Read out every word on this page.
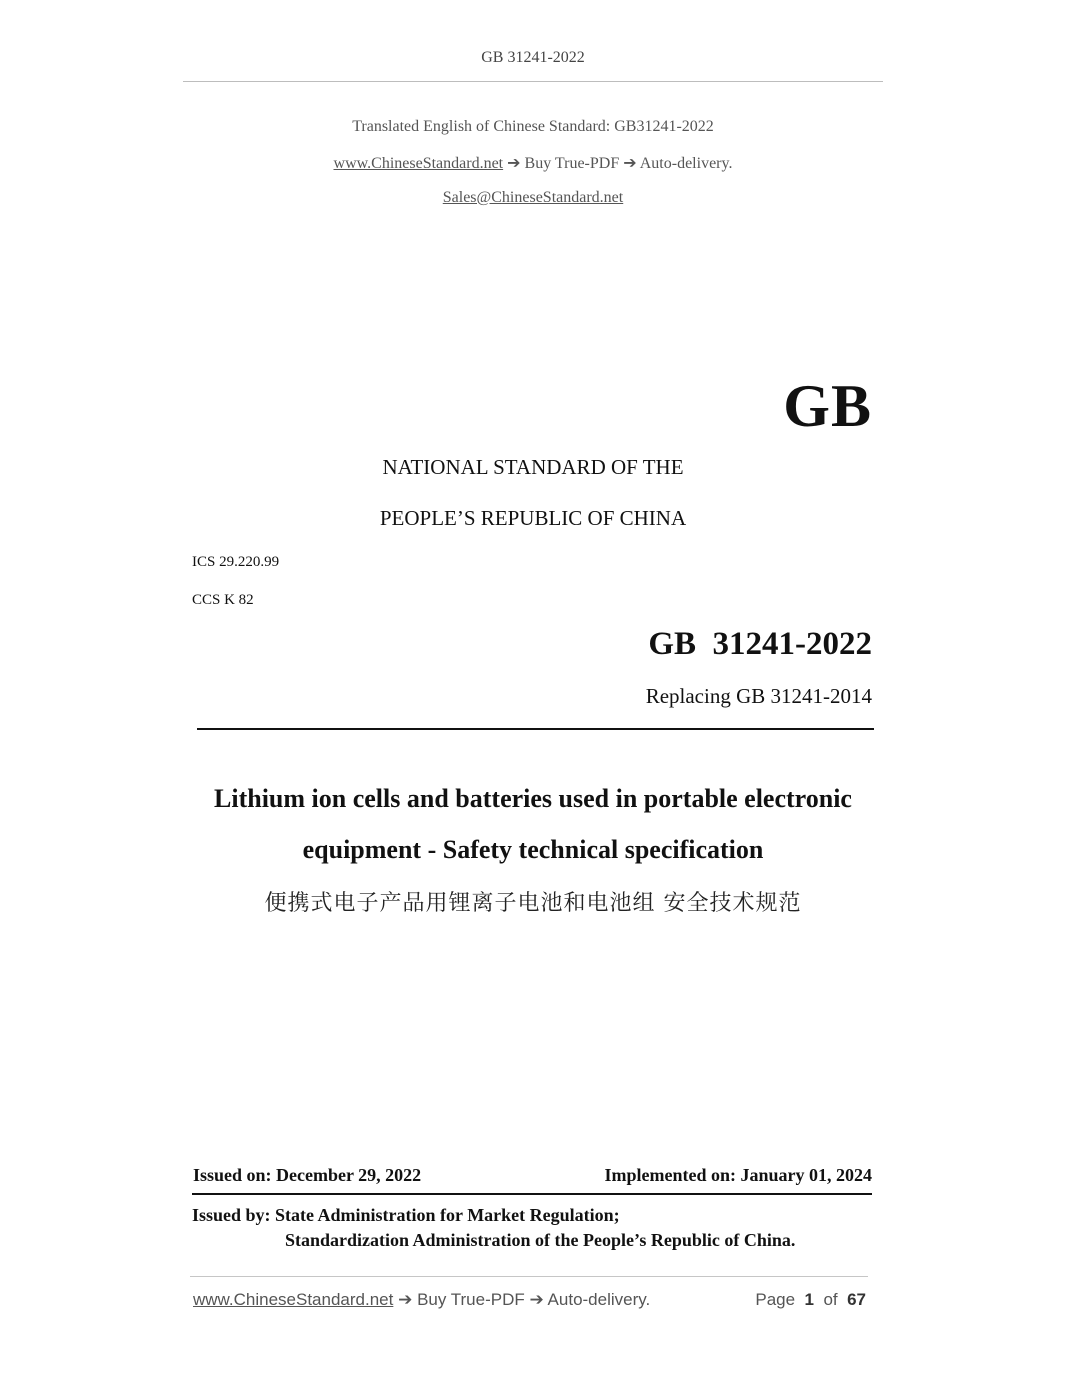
GB 31241-2022
Translated English of Chinese Standard: GB31241-2022
www.ChineseStandard.net ➔ Buy True-PDF ➔ Auto-delivery.
Sales@ChineseStandard.net
GB
NATIONAL STANDARD OF THE
PEOPLE’S REPUBLIC OF CHINA
ICS 29.220.99
CCS K 82
GB  31241-2022
Replacing GB 31241-2014
Lithium ion cells and batteries used in portable electronic
equipment - Safety technical specification
便携式电子产品用锂离子电池和电池组 安全技术规范
Issued on: December 29, 2022	Implemented on: January 01, 2024
Issued by: State Administration for Market Regulation;
Standardization Administration of the People’s Republic of China.
www.ChineseStandard.net ➔ Buy True-PDF ➔ Auto-delivery.	Page 1 of 67
